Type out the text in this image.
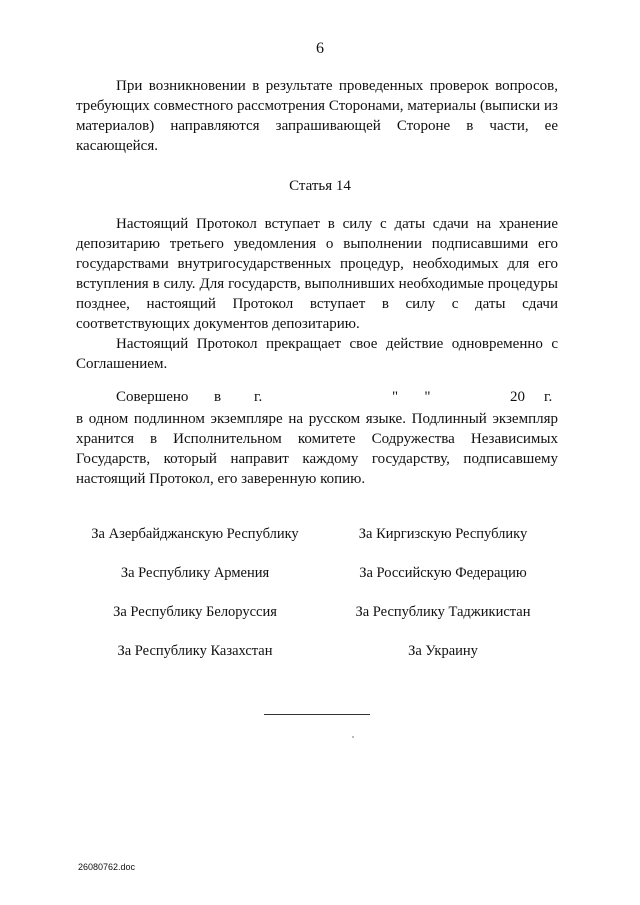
6
При возникновении в результате проведенных проверок вопросов,
требующих совместного рассмотрения Сторонами, материалы (выписки из
материалов) направляются запрашивающей Стороне в части, ее
касающейся.
Статья 14
Настоящий Протокол вступает в силу с даты сдачи на хранение
депозитарию третьего уведомления о выполнении подписавшими его
государствами внутригосударственных процедур, необходимых для его
вступления в силу. Для государств, выполнивших необходимые процедуры
позднее, настоящий Протокол вступает в силу с даты сдачи
соответствующих документов депозитарию.
Настоящий Протокол прекращает свое действие одновременно с
Соглашением.
Совершено в г.	"       "	20 г.
в одном подлинном экземпляре на русском языке. Подлинный экземпляр
хранится в Исполнительном комитете Содружества Независимых
Государств, который направит каждому государству, подписавшему
настоящий Протокол, его заверенную копию.
За Азербайджанскую Республику
За Республику Армения
За Республику Белоруссия
За Республику Казахстан
За Киргизскую Республику
За Российскую Федерацию
За Республику Таджикистан
За Украину
26080762.doc
